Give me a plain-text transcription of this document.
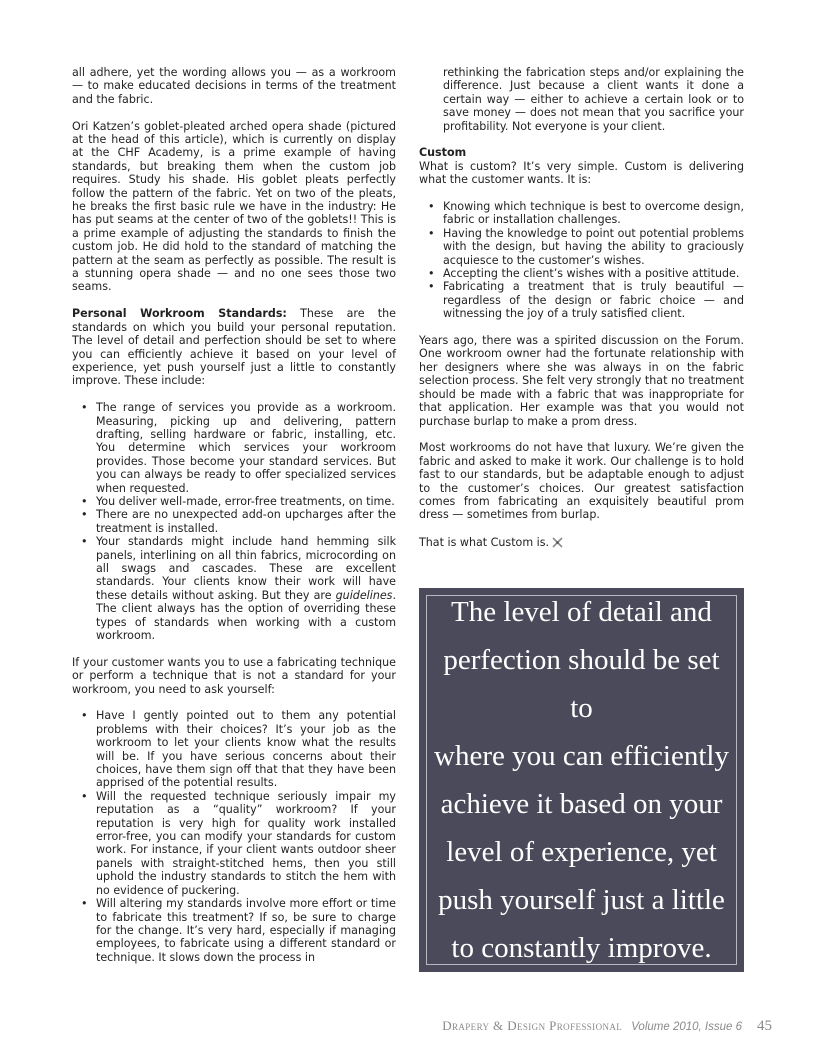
all adhere, yet the wording allows you — as a workroom — to make educated decisions in terms of the treatment and the fabric.

Ori Katzen’s goblet-pleated arched opera shade (pictured at the head of this article), which is currently on display at the CHF Academy, is a prime example of having standards, but breaking them when the custom job requires. Study his shade. His goblet pleats perfectly follow the pattern of the fabric. Yet on two of the pleats, he breaks the first basic rule we have in the industry: He has put seams at the center of two of the goblets!! This is a prime example of adjusting the standards to finish the custom job. He did hold to the standard of matching the pattern at the seam as perfectly as possible. The result is a stunning opera shade — and no one sees those two seams.

Personal Workroom Standards: These are the standards on which you build your personal reputation. The level of detail and perfection should be set to where you can efficiently achieve it based on your level of experience, yet push yourself just a little to constantly improve. These include:

• The range of services you provide as a workroom. Measuring, picking up and delivering, pattern drafting, selling hardware or fabric, installing, etc. You determine which services your workroom provides. Those become your standard services. But you can always be ready to offer specialized services when requested.
• You deliver well-made, error-free treatments, on time.
• There are no unexpected add-on upcharges after the treatment is installed.
• Your standards might include hand hemming silk panels, interlining on all thin fabrics, microcording on all swags and cascades. These are excellent standards. Your clients know their work will have these details without asking. But they are guidelines. The client always has the option of overriding these types of standards when working with a custom workroom.

If your customer wants you to use a fabricating technique or perform a technique that is not a standard for your workroom, you need to ask yourself:

• Have I gently pointed out to them any potential problems with their choices? It’s your job as the workroom to let your clients know what the results will be. If you have serious concerns about their choices, have them sign off that that they have been apprised of the potential results.
• Will the requested technique seriously impair my reputation as a “quality” workroom? If your reputation is very high for quality work installed error-free, you can modify your standards for custom work. For instance, if your client wants outdoor sheer panels with straight-stitched hems, then you still uphold the industry standards to stitch the hem with no evidence of puckering.
• Will altering my standards involve more effort or time to fabricate this treatment? If so, be sure to charge for the change. It’s very hard, especially if managing employees, to fabricate using a different standard or technique. It slows down the process in
rethinking the fabrication steps and/or explaining the difference. Just because a client wants it done a certain way — either to achieve a certain look or to save money — does not mean that you sacrifice your profitability. Not everyone is your client.

Custom

What is custom? It’s very simple. Custom is delivering what the customer wants. It is:

• Knowing which technique is best to overcome design, fabric or installation challenges.
• Having the knowledge to point out potential problems with the design, but having the ability to graciously acquiesce to the customer’s wishes.
• Accepting the client’s wishes with a positive attitude.
• Fabricating a treatment that is truly beautiful — regardless of the design or fabric choice — and witnessing the joy of a truly satisfied client.

Years ago, there was a spirited discussion on the Forum. One workroom owner had the fortunate relationship with her designers where she was always in on the fabric selection process. She felt very strongly that no treatment should be made with a fabric that was inappropriate for that application. Her example was that you would not purchase burlap to make a prom dress.

Most workrooms do not have that luxury. We’re given the fabric and asked to make it work. Our challenge is to hold fast to our standards, but be adaptable enough to adjust to the customer’s choices. Our greatest satisfaction comes from fabricating an exquisitely beautiful prom dress — sometimes from burlap.

That is what Custom is.

The level of detail and
perfection should be set to
where you can efficiently
achieve it based on your
level of experience, yet
push yourself just a little
to constantly improve.

Drapery & Design Professional Volume 2010, Issue 6 45
